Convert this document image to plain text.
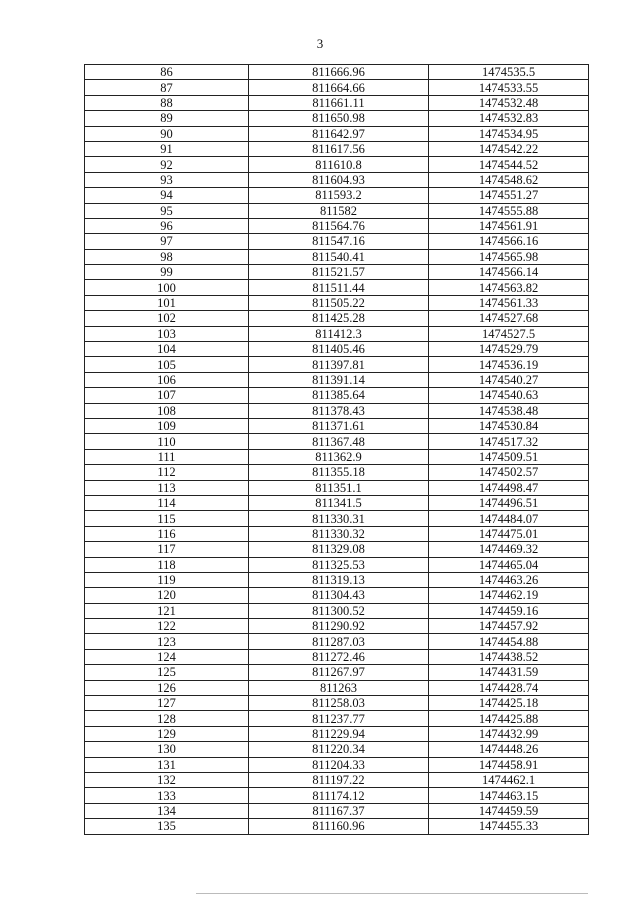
3
86	811666.96	1474535.5
87	811664.66	1474533.55
88	811661.11	1474532.48
89	811650.98	1474532.83
90	811642.97	1474534.95
91	811617.56	1474542.22
92	811610.8	1474544.52
93	811604.93	1474548.62
94	811593.2	1474551.27
95	811582	1474555.88
96	811564.76	1474561.91
97	811547.16	1474566.16
98	811540.41	1474565.98
99	811521.57	1474566.14
100	811511.44	1474563.82
101	811505.22	1474561.33
102	811425.28	1474527.68
103	811412.3	1474527.5
104	811405.46	1474529.79
105	811397.81	1474536.19
106	811391.14	1474540.27
107	811385.64	1474540.63
108	811378.43	1474538.48
109	811371.61	1474530.84
110	811367.48	1474517.32
111	811362.9	1474509.51
112	811355.18	1474502.57
113	811351.1	1474498.47
114	811341.5	1474496.51
115	811330.31	1474484.07
116	811330.32	1474475.01
117	811329.08	1474469.32
118	811325.53	1474465.04
119	811319.13	1474463.26
120	811304.43	1474462.19
121	811300.52	1474459.16
122	811290.92	1474457.92
123	811287.03	1474454.88
124	811272.46	1474438.52
125	811267.97	1474431.59
126	811263	1474428.74
127	811258.03	1474425.18
128	811237.77	1474425.88
129	811229.94	1474432.99
130	811220.34	1474448.26
131	811204.33	1474458.91
132	811197.22	1474462.1
133	811174.12	1474463.15
134	811167.37	1474459.59
135	811160.96	1474455.33
